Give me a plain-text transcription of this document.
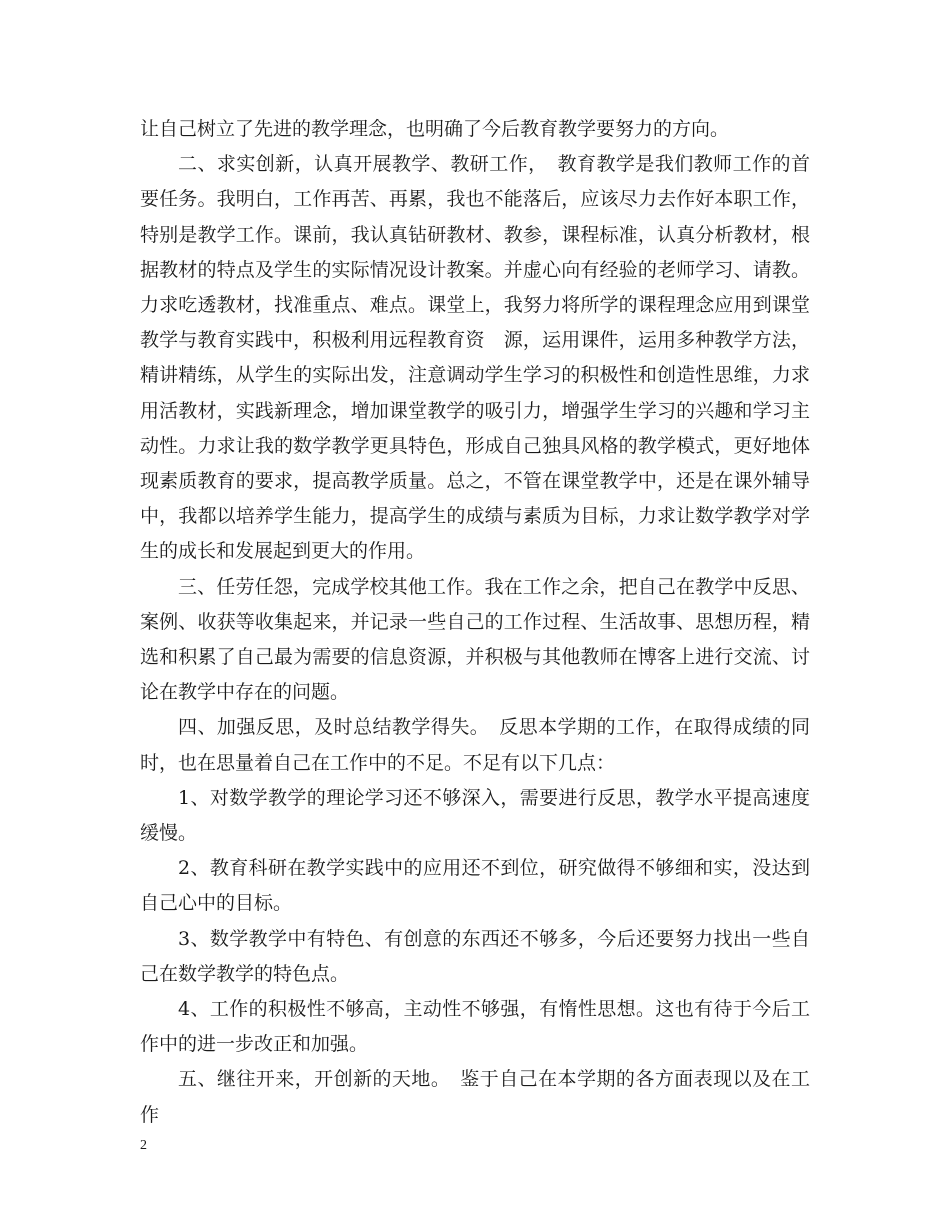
让自己树立了先进的教学理念，也明确了今后教育教学要努力的方向。

二、求实创新，认真开展教学、教研工作，　教育教学是我们教师工作的首要任务。我明白，工作再苦、再累，我也不能落后，应该尽力去作好本职工作，特别是教学工作。课前，我认真钻研教材、教参，课程标准，认真分析教材，根据教材的特点及学生的实际情况设计教案。并虚心向有经验的老师学习、请教。力求吃透教材，找准重点、难点。课堂上，我努力将所学的课程理念应用到课堂教学与教育实践中，积极利用远程教育资　源，运用课件，运用多种教学方法，精讲精练，从学生的实际出发，注意调动学生学习的积极性和创造性思维，力求用活教材，实践新理念，增加课堂教学的吸引力，增强学生学习的兴趣和学习主动性。力求让我的数学教学更具特色，形成自己独具风格的教学模式，更好地体现素质教育的要求，提高教学质量。总之，不管在课堂教学中，还是在课外辅导中，我都以培养学生能力，提高学生的成绩与素质为目标，力求让数学教学对学生的成长和发展起到更大的作用。

三、任劳任怨，完成学校其他工作。我在工作之余，把自己在教学中反思、案例、收获等收集起来，并记录一些自己的工作过程、生活故事、思想历程，精选和积累了自己最为需要的信息资源，并积极与其他教师在博客上进行交流、讨论在教学中存在的问题。

四、加强反思，及时总结教学得失。　反思本学期的工作，在取得成绩的同时，也在思量着自己在工作中的不足。不足有以下几点：

1、对数学教学的理论学习还不够深入，需要进行反思，教学水平提高速度缓慢。

2、教育科研在教学实践中的应用还不到位，研究做得不够细和实，没达到自己心中的目标。

3、数学教学中有特色、有创意的东西还不够多，今后还要努力找出一些自己在数学教学的特色点。

4、工作的积极性不够高，主动性不够强，有惰性思想。这也有待于今后工作中的进一步改正和加强。

五、继往开来，开创新的天地。　鉴于自己在本学期的各方面表现以及在工作

2
